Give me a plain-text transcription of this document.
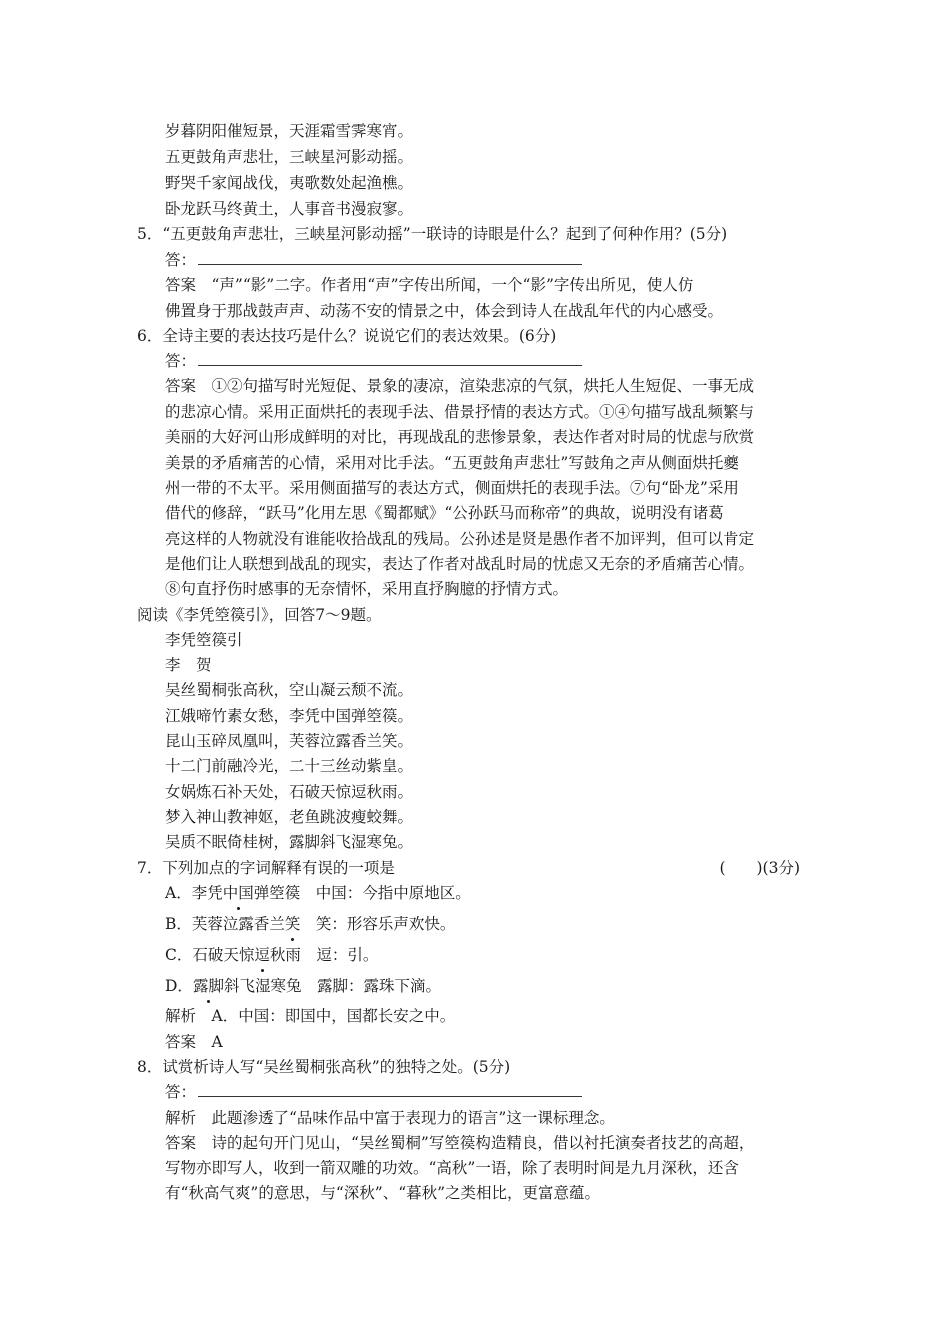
岁暮阴阳催短景，天涯霜雪霁寒宵。
五更鼓角声悲壮，三峡星河影动摇。
野哭千家闻战伐，夷歌数处起渔樵。
卧龙跃马终黄土，人事音书漫寂寥。
5．“五更鼓角声悲壮，三峡星河影动摇”一联诗的诗眼是什么？起到了何种作用？(5分)
答：
答案　“声”“影”二字。作者用“声”字传出所闻，一个“影”字传出所见，使人仿
佛置身于那战鼓声声、动荡不安的情景之中，体会到诗人在战乱年代的内心感受。
6．全诗主要的表达技巧是什么？说说它们的表达效果。(6分)
答：
答案　①②句描写时光短促、景象的凄凉，渲染悲凉的气氛，烘托人生短促、一事无成
的悲凉心情。采用正面烘托的表现手法、借景抒情的表达方式。①④句描写战乱频繁与
美丽的大好河山形成鲜明的对比，再现战乱的悲惨景象，表达作者对时局的忧虑与欣赏
美景的矛盾痛苦的心情，采用对比手法。“五更鼓角声悲壮”写鼓角之声从侧面烘托夔
州一带的不太平。采用侧面描写的表达方式，侧面烘托的表现手法。⑦句“卧龙”采用
借代的修辞，“跃马”化用左思《蜀都赋》“公孙跃马而称帝”的典故，说明没有诸葛
亮这样的人物就没有谁能收拾战乱的残局。公孙述是贤是愚作者不加评判，但可以肯定
是他们让人联想到战乱的现实，表达了作者对战乱时局的忧虑又无奈的矛盾痛苦心情。
⑧句直抒伤时感事的无奈情怀，采用直抒胸臆的抒情方式。
阅读《李凭箜篌引》，回答7～9题。
李凭箜篌引
李　贺
吴丝蜀桐张高秋，空山凝云颓不流。
江娥啼竹素女愁，李凭中国弹箜篌。
昆山玉碎凤凰叫，芙蓉泣露香兰笑。
十二门前融冷光，二十三丝动紫皇。
女娲炼石补天处，石破天惊逗秋雨。
梦入神山教神妪，老鱼跳波瘦蛟舞。
吴质不眠倚桂树，露脚斜飞湿寒兔。
7．下列加点的字词解释有误的一项是	(　　)(3分)
A．李凭中国弹箜篌　中国：今指中原地区。
B．芙蓉泣露香兰笑　笑：形容乐声欢快。
C．石破天惊逗秋雨　逗：引。
D．露脚斜飞湿寒兔　露脚：露珠下滴。
解析　A．中国：即国中，国都长安之中。
答案　A
8．试赏析诗人写“吴丝蜀桐张高秋”的独特之处。(5分)
答：
解析　此题渗透了“品味作品中富于表现力的语言”这一课标理念。
答案　诗的起句开门见山，“吴丝蜀桐”写箜篌构造精良，借以衬托演奏者技艺的高超，
写物亦即写人，收到一箭双雕的功效。“高秋”一语，除了表明时间是九月深秋，还含
有“秋高气爽”的意思，与“深秋”、“暮秋”之类相比，更富意蕴。
